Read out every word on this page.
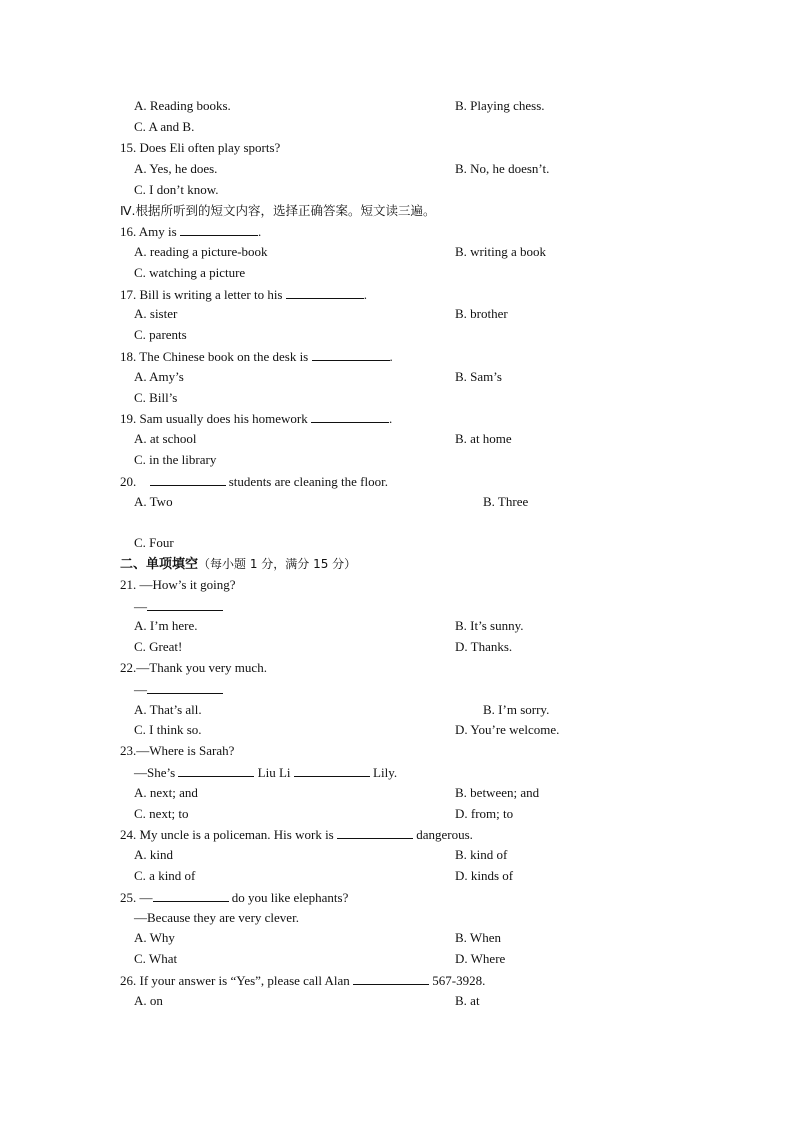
A. Reading books.	B. Playing chess.
C. A and B.
15. Does Eli often play sports?
A. Yes, he does.	B. No, he doesn’t.
C. I don’t know.
Ⅳ.根据所听到的短文内容，选择正确答案。短文读三遍。
16. Amy is	.
A. reading a picture-book	B. writing a book
C. watching a picture
17. Bill is writing a letter to his	.
A. sister	B. brother
C. parents
18. The Chinese book on the desk is	.
A. Amy’s	B. Sam’s
C. Bill’s
19. Sam usually does his homework	.
A. at school	B. at home
C. in the library
20.	students are cleaning the floor.
A. Two	B. Three
C. Four
二、单项填空（每小题 1 分，满分 15 分）
21. —How’s it going?
—
A. I’m here.	B. It’s sunny.
C. Great!	D. Thanks.
22.—Thank you very much.
—
A. That’s all.	B. I’m sorry.
C. I think so.	D. You’re welcome.
23.—Where is Sarah?
—She’s	Liu Li	Lily.
A. next; and	B. between; and
C. next; to	D. from; to
24. My uncle is a policeman. His work is	dangerous.
A. kind	B. kind of
C. a kind of	D. kinds of
25. —	do you like elephants?
—Because they are very clever.
A. Why	B. When
C. What	D. Where
26. If your answer is “Yes”, please call Alan	567-3928.
A. on	B. at
